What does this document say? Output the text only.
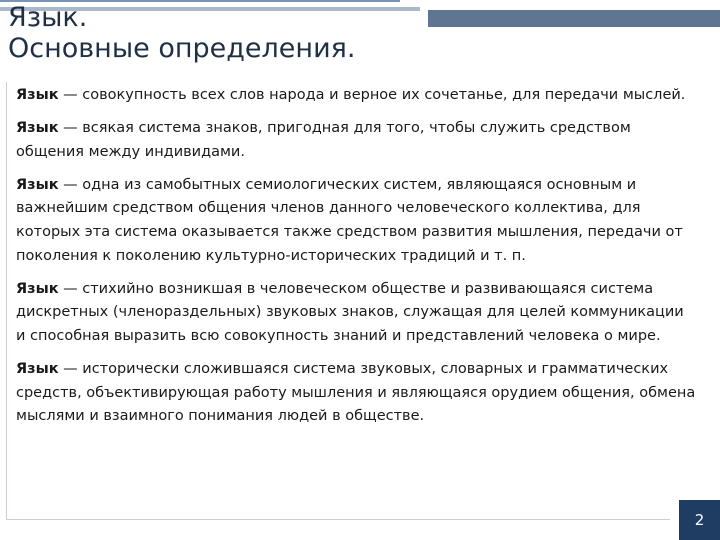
Язык.
Основные определения.

Язык — совокупность всех слов народа и верное их сочетанье, для передачи мыслей.

Язык — всякая система знаков, пригодная для того, чтобы служить средством общения между индивидами.

Язык — одна из самобытных семиологических систем, являющаяся основным и важнейшим средством общения членов данного человеческого коллектива, для которых эта система оказывается также средством развития мышления, передачи от поколения к поколению культурно-исторических традиций и т. п.

Язык — стихийно возникшая в человеческом обществе и развивающаяся система дискретных (членораздельных) звуковых знаков, служащая для целей коммуникации и способная выразить всю совокупность знаний и представлений человека о мире.

Язык — исторически сложившаяся система звуковых, словарных и грамматических средств, объективирующая работу мышления и являющаяся орудием общения, обмена мыслями и взаимного понимания людей в обществе.

2
